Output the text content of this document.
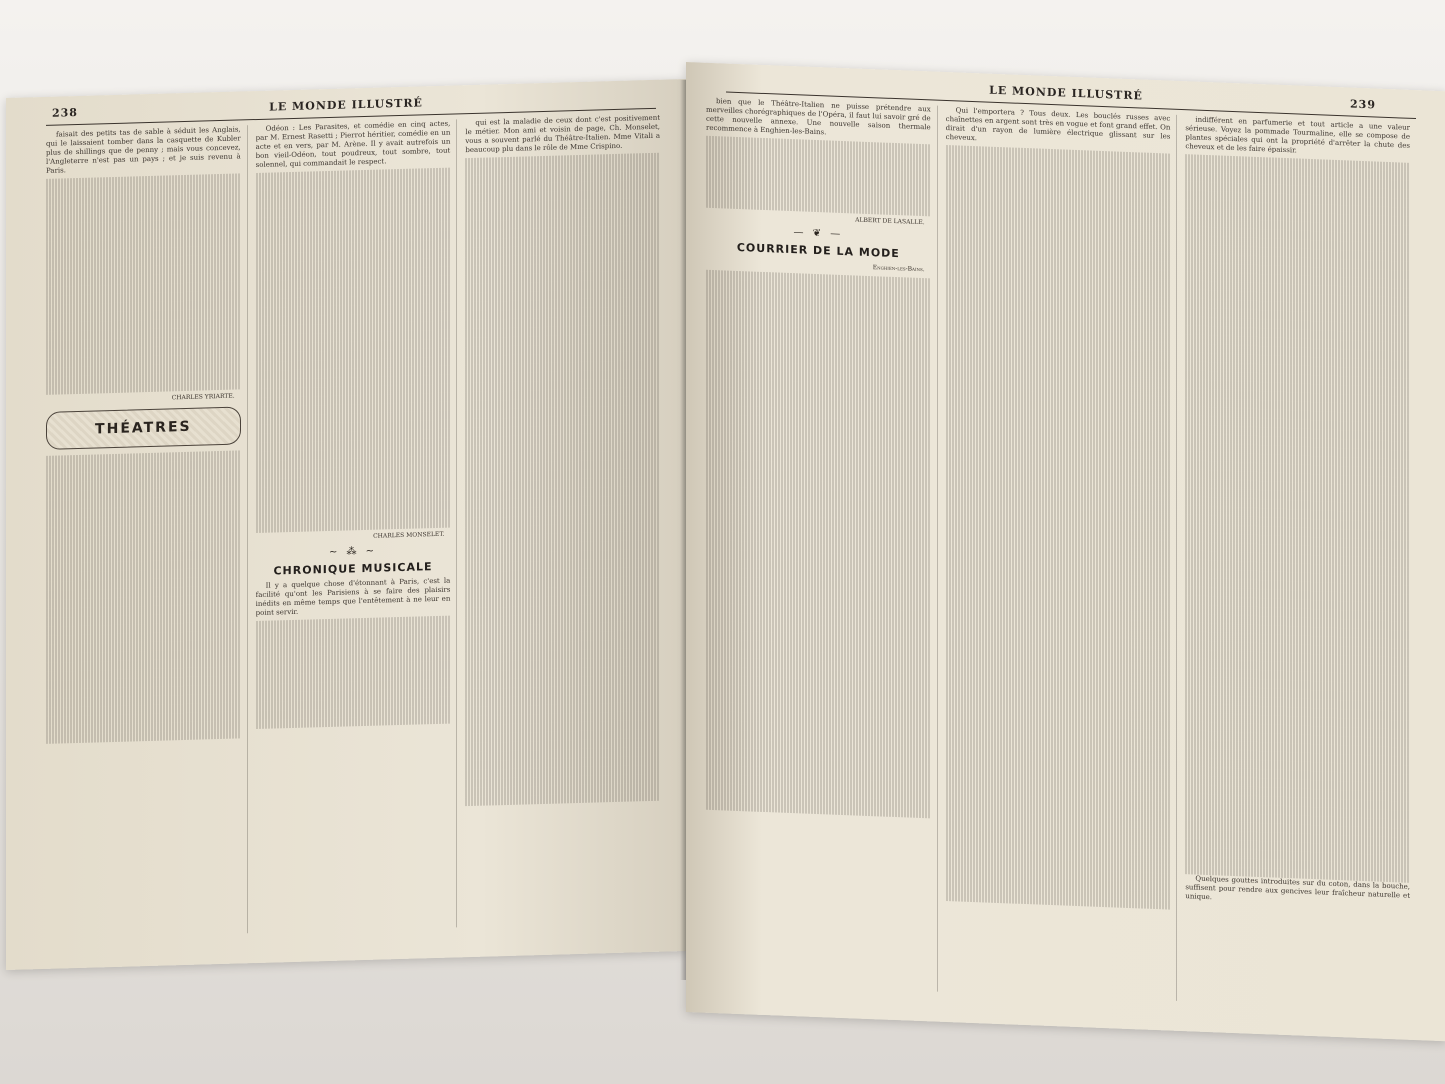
238	LE MONDE ILLUSTRÉ

faisait des petits tas de sable à séduit les Anglais, qui le laissaient tomber dans la casquette de Kubler plus de shillings que de penny ; mais vous concevez, l'Angleterre n'est pas un pays ; et je suis revenu à Paris.

CHARLES YRIARTE.
THÉATRES

Odéon : Les Parasites, et comédie en cinq actes, par M. Ernest Rasetti ; Pierrot héritier, comédie en un acte et en vers, par M. Arène. Il y avait autrefois un bon vieil-Odéon, tout poudreux, tout sombre, tout solennel, qui commandait le respect.

CHARLES MONSELET.
~ ⁂ ~
CHRONIQUE MUSICALE

Il y a quelque chose d'étonnant à Paris, c'est la facilité qu'ont les Parisiens à se faire des plaisirs inédits en même temps que l'entêtement à ne leur en point servir.

qui est la maladie de ceux dont c'est positivement le métier. Mon ami et voisin de page, Ch. Monselet, vous a souvent parlé du Théâtre-Italien. Mme Vitali a beaucoup plu dans le rôle de Mme Crispino.

LE MONDE ILLUSTRÉ
239

bien que le Théâtre-Italien ne puisse prétendre aux merveilles chorégraphiques de l'Opéra, il faut lui savoir gré de cette nouvelle annexe. Une nouvelle saison thermale recommence à Enghien-les-Bains.

ALBERT DE LASALLE.
— ❦ —
COURRIER DE LA MODE
Enghien-les-Bains.

Qui l'emportera ? Tous deux. Les bouclés russes avec chaînettes en argent sont très en vogue et font grand effet. On dirait d'un rayon de lumière électrique glissant sur les cheveux.

indifférent en parfumerie et tout article a une valeur sérieuse. Voyez la pommade Tourmaline, elle se compose de plantes spéciales qui ont la propriété d'arrêter la chute des cheveux et de les faire épaissir.

Quelques gouttes introduites sur du coton, dans la bouche, suffisent pour rendre aux gencives leur fraîcheur naturelle et unique.
